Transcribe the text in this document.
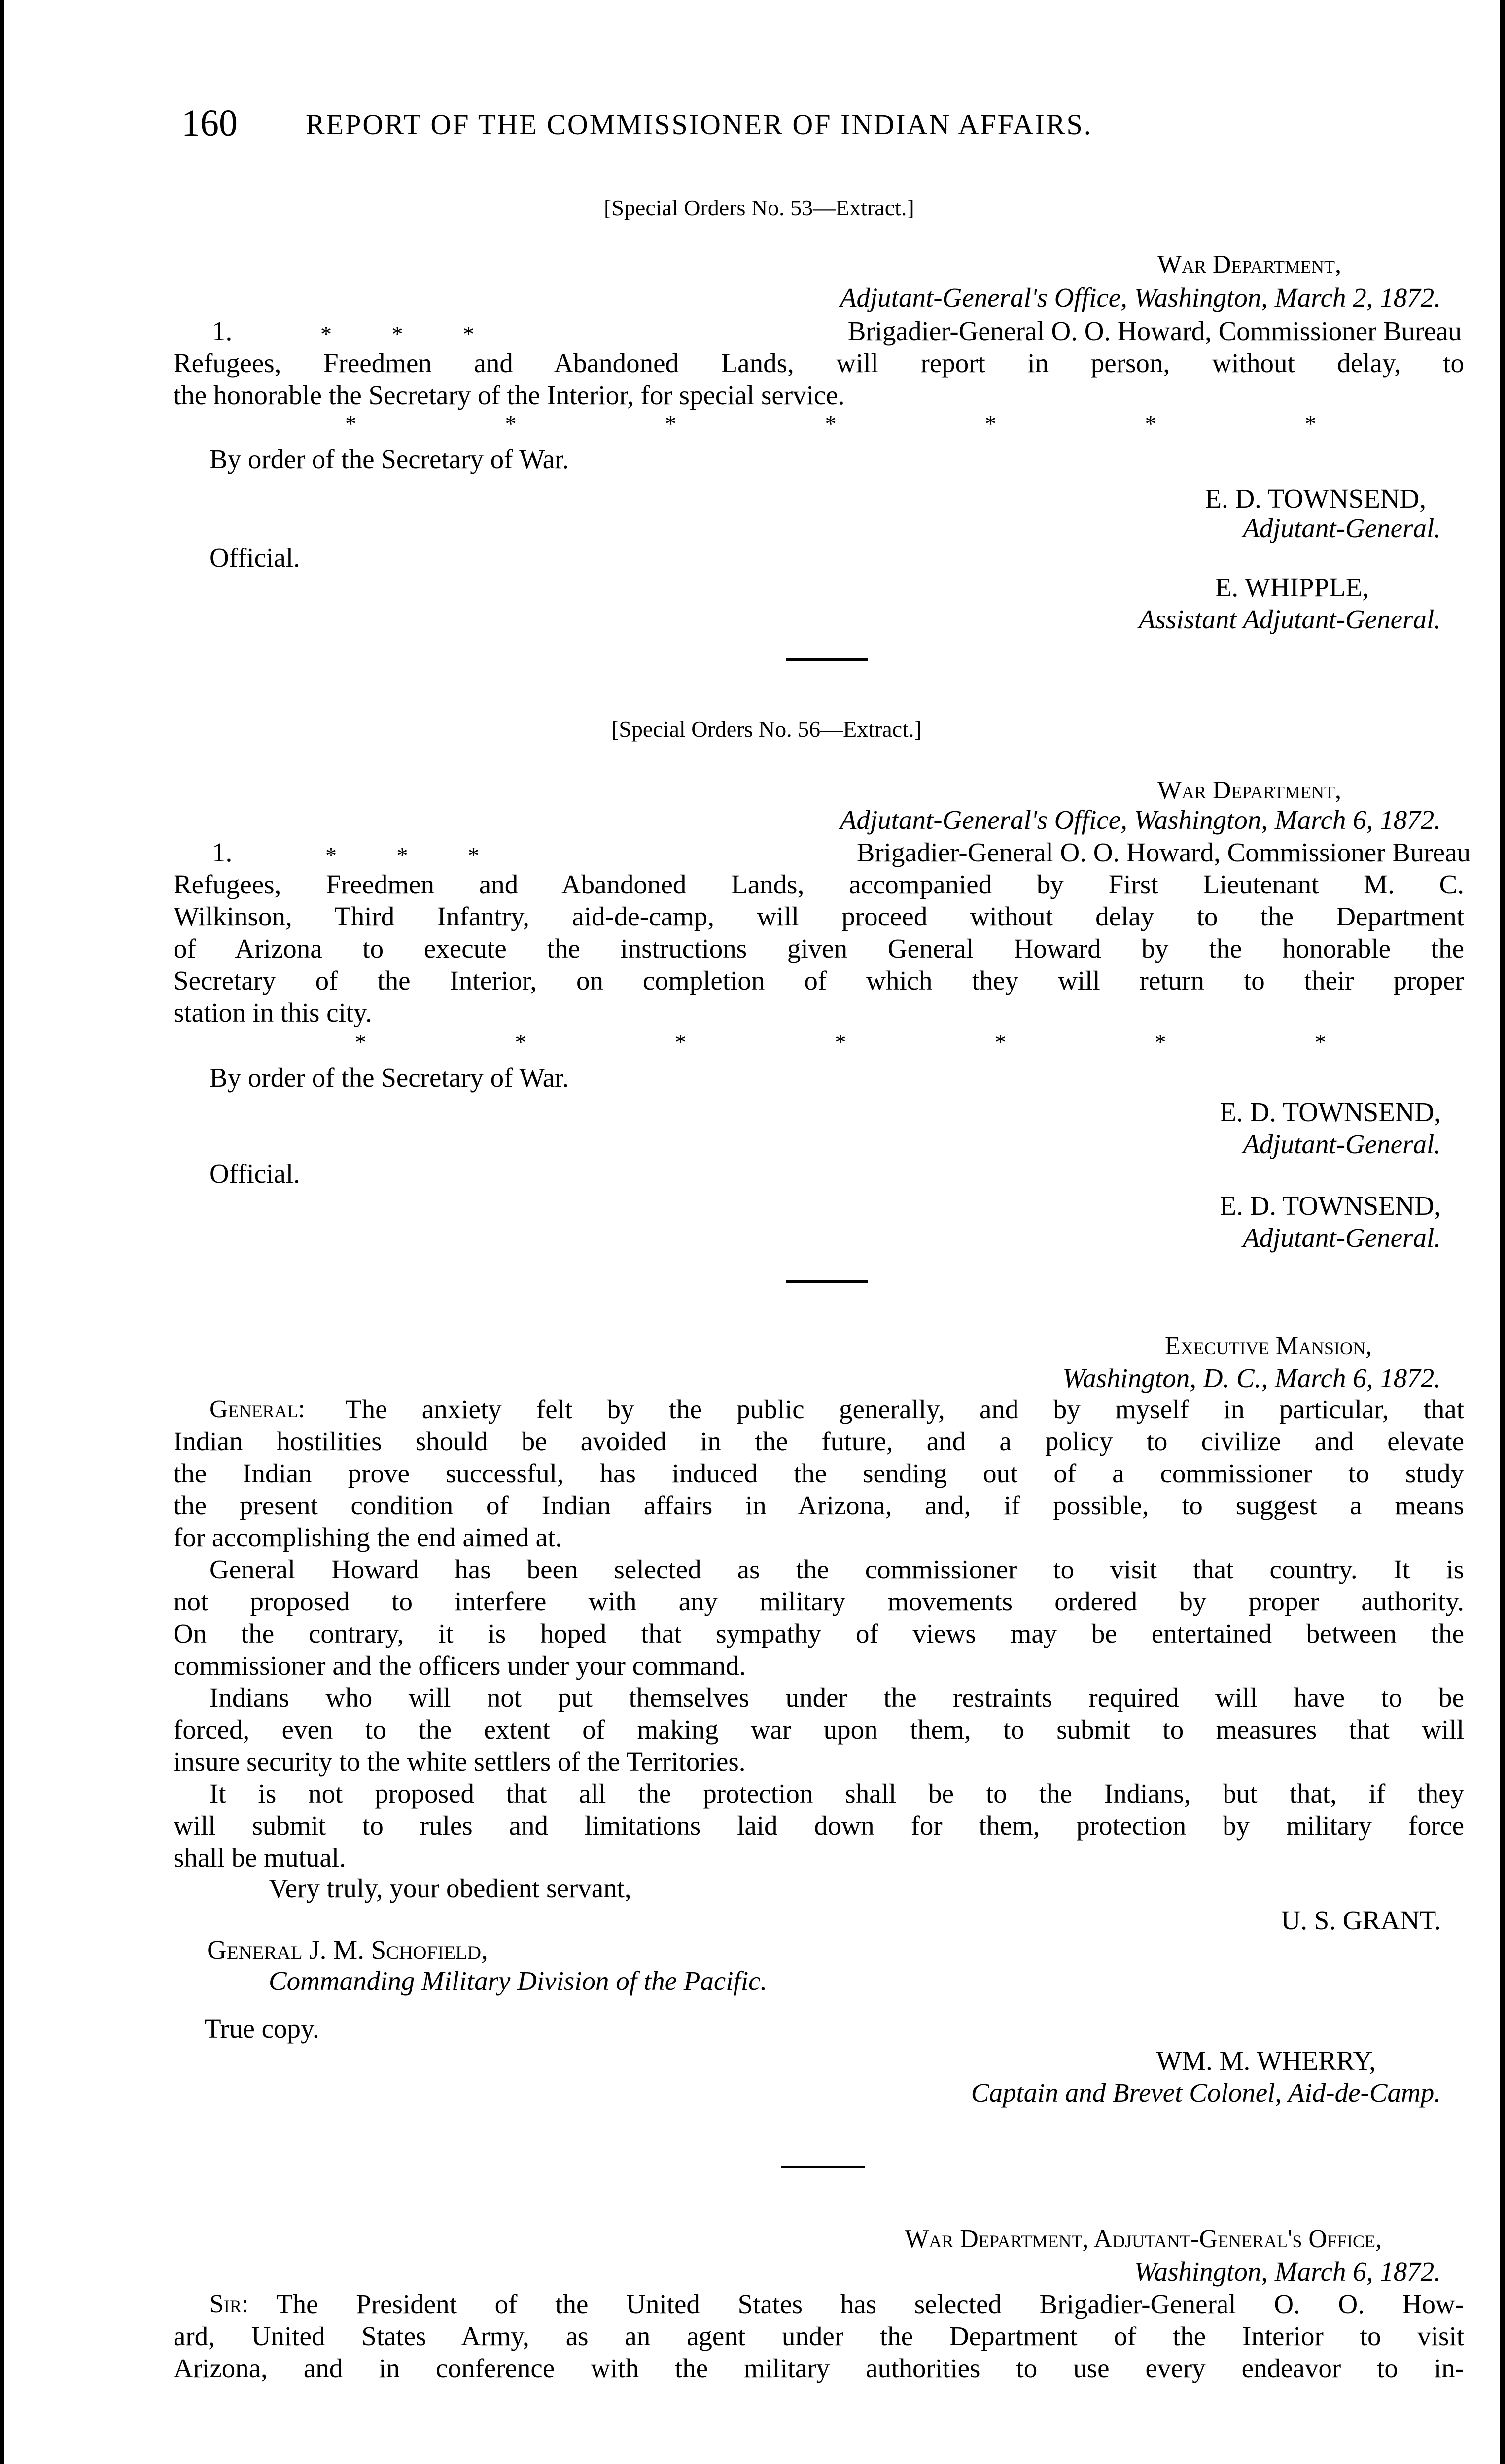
160 REPORT OF THE COMMISSIONER OF INDIAN AFFAIRS.
[Special Orders No. 53—Extract.]
War Department,
Adjutant-General's Office, Washington, March 2, 1872.
1.	* * *	Brigadier-General O. O. Howard, Commissioner Bureau
Refugees, Freedmen and Abandoned Lands, will report in person, without delay, to
the honorable the Secretary of the Interior, for special service.
* * * * * * *
By order of the Secretary of War.
E. D. TOWNSEND,
Adjutant-General.
Official.
E. WHIPPLE,
Assistant Adjutant-General.
[Special Orders No. 56—Extract.]
War Department,
Adjutant-General's Office, Washington, March 6, 1872.
1.	* * *	Brigadier-General O. O. Howard, Commissioner Bureau
Refugees, Freedmen and Abandoned Lands, accompanied by First Lieutenant M. C.
Wilkinson, Third Infantry, aid-de-camp, will proceed without delay to the Department
of Arizona to execute the instructions given General Howard by the honorable the
Secretary of the Interior, on completion of which they will return to their proper
station in this city.
* * * * * * *
By order of the Secretary of War.
E. D. TOWNSEND,
Adjutant-General.
Official.
E. D. TOWNSEND,
Adjutant-General.
Executive Mansion,
Washington, D. C., March 6, 1872.
General: The anxiety felt by the public generally, and by myself in particular, that
Indian hostilities should be avoided in the future, and a policy to civilize and elevate
the Indian prove successful, has induced the sending out of a commissioner to study
the present condition of Indian affairs in Arizona, and, if possible, to suggest a means
for accomplishing the end aimed at.
General Howard has been selected as the commissioner to visit that country. It is
not proposed to interfere with any military movements ordered by proper authority.
On the contrary, it is hoped that sympathy of views may be entertained between the
commissioner and the officers under your command.
Indians who will not put themselves under the restraints required will have to be
forced, even to the extent of making war upon them, to submit to measures that will
insure security to the white settlers of the Territories.
It is not proposed that all the protection shall be to the Indians, but that, if they
will submit to rules and limitations laid down for them, protection by military force
shall be mutual.
Very truly, your obedient servant,
U. S. GRANT.
General J. M. Schofield,
Commanding Military Division of the Pacific.
True copy.
WM. M. WHERRY,
Captain and Brevet Colonel, Aid-de-Camp.
War Department, Adjutant-General's Office,
Washington, March 6, 1872.
Sir: The President of the United States has selected Brigadier-General O. O. How-
ard, United States Army, as an agent under the Department of the Interior to visit
Arizona, and in conference with the military authorities to use every endeavor to in-
